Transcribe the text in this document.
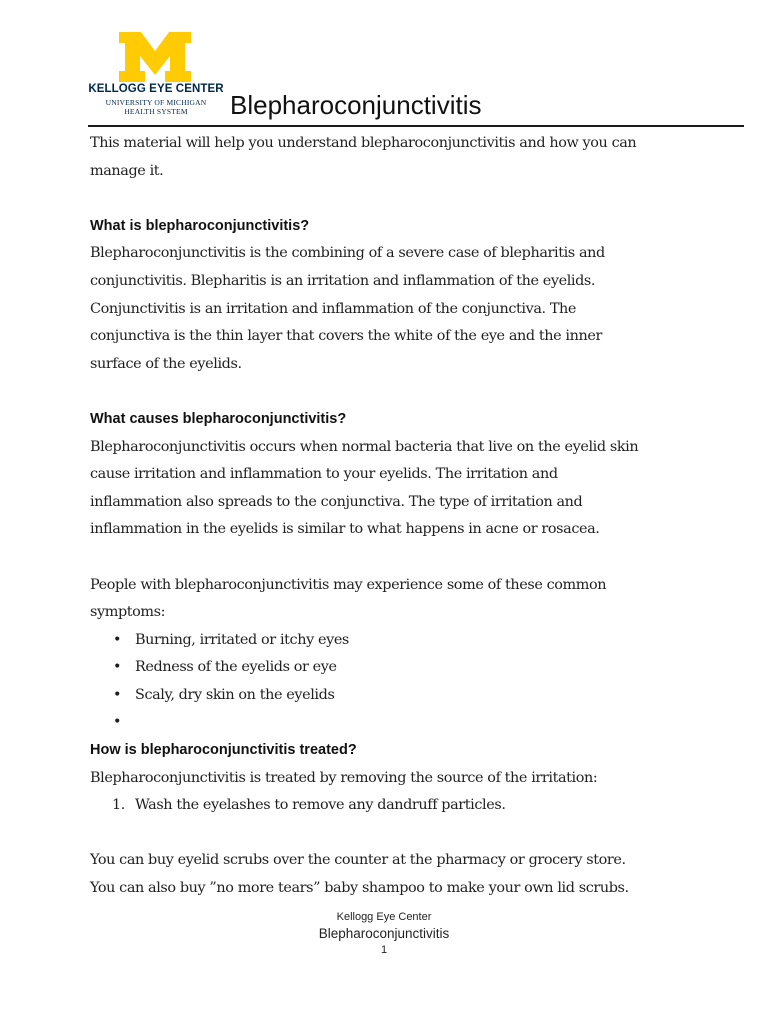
KELLOGG EYE CENTER
UNIVERSITY OF MICHIGAN
HEALTH SYSTEM	Blepharoconjunctivitis

This material will help you understand blepharoconjunctivitis and how you can

manage it.

What is blepharoconjunctivitis?

Blepharoconjunctivitis is the combining of a severe case of blepharitis and

conjunctivitis. Blepharitis is an irritation and inflammation of the eyelids.

Conjunctivitis is an irritation and inflammation of the conjunctiva. The

conjunctiva is the thin layer that covers the white of the eye and the inner

surface of the eyelids.

What causes blepharoconjunctivitis?

Blepharoconjunctivitis occurs when normal bacteria that live on the eyelid skin

cause irritation and inflammation to your eyelids. The irritation and

inflammation also spreads to the conjunctiva. The type of irritation and

inflammation in the eyelids is similar to what happens in acne or rosacea.

People with blepharoconjunctivitis may experience some of these common

symptoms:

• Burning, irritated or itchy eyes
• Redness of the eyelids or eye
• Scaly, dry skin on the eyelids
•

How is blepharoconjunctivitis treated?

Blepharoconjunctivitis is treated by removing the source of the irritation:

1. Wash the eyelashes to remove any dandruff particles.

You can buy eyelid scrubs over the counter at the pharmacy or grocery store.

You can also buy ”no more tears” baby shampoo to make your own lid scrubs.

Kellogg Eye Center
Blepharoconjunctivitis
1
